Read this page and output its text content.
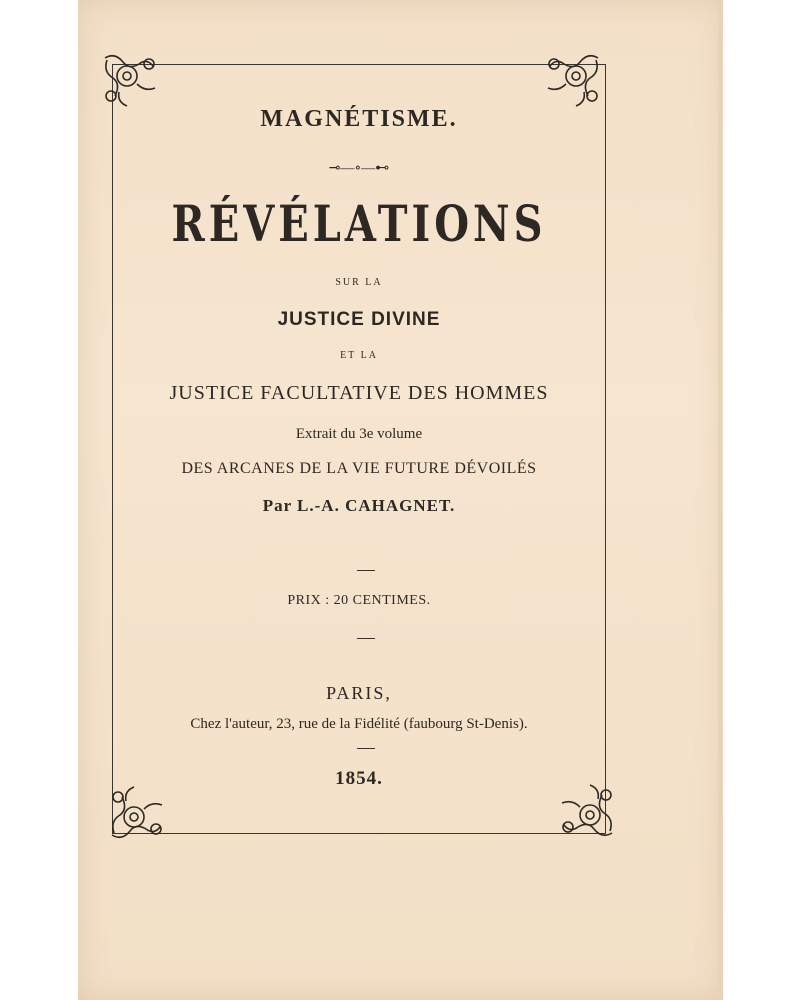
MAGNÉTISME.
⊸—∘—⊷
RÉVÉLATIONS
SUR LA
JUSTICE DIVINE
ET LA
JUSTICE FACULTATIVE DES HOMMES
Extrait du 3e volume
DES ARCANES DE LA VIE FUTURE DÉVOILÉS
Par L.-A. CAHAGNET.
PRIX : 20 CENTIMES.
PARIS,
Chez l'auteur, 23, rue de la Fidélité (faubourg St-Denis).
1854.
